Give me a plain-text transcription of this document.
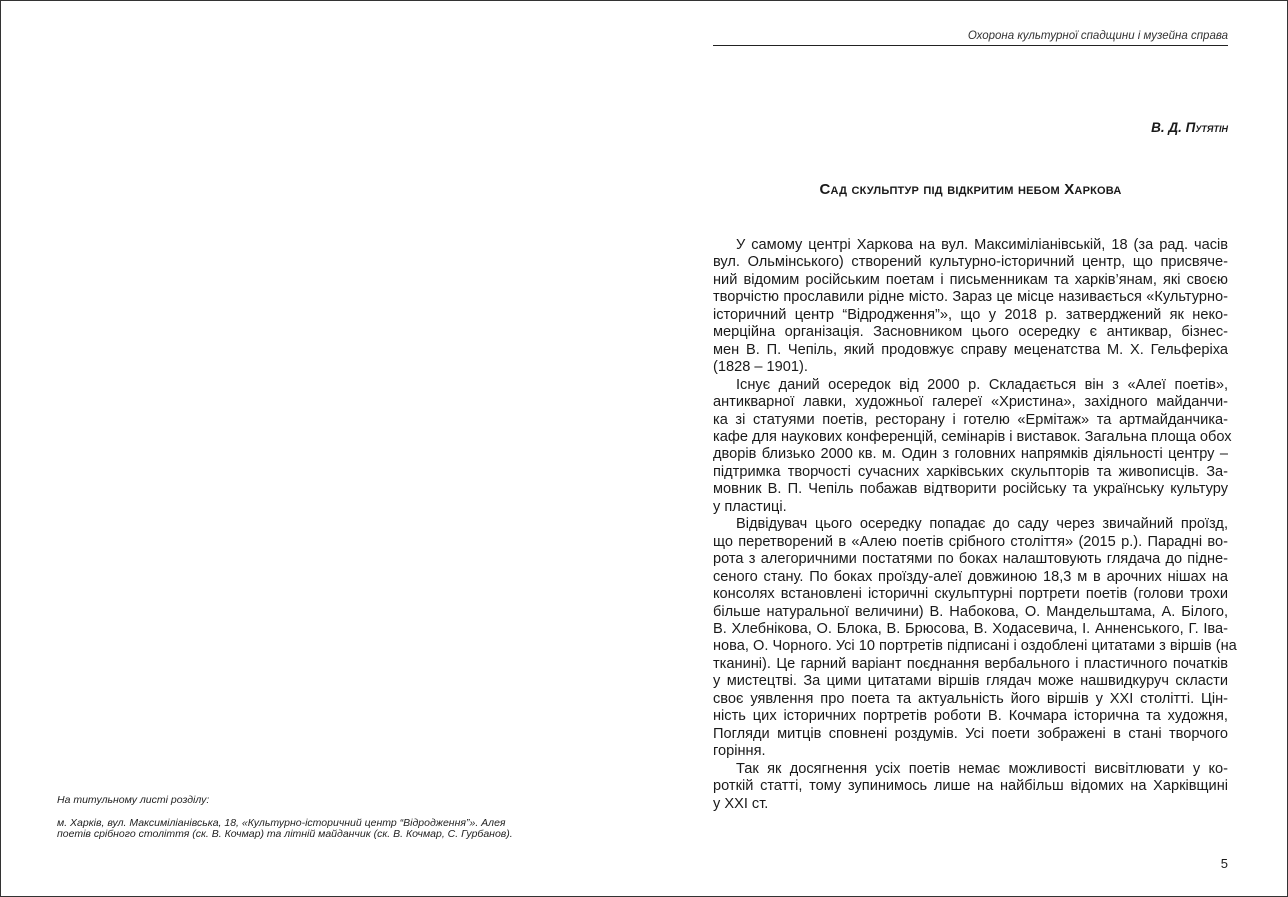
На титульному листі розділу:
м. Харків, вул. Максиміліанівська, 18, «Культурно-історичний центр “Відродження”». Алея
поетів срібного століття (ск. В. Кочмар) та літній майданчик (ск. В. Кочмар, С. Гурбанов).
Охорона культурної спадщини і музейна справа
В. Д. Путятін
Сад скульптур під відкритим небом Харкова
У самому центрі Харкова на вул. Максиміліанівській, 18 (за рад. часів
вул. Ольмінського) створений культурно-історичний центр, що присвяче-
ний відомим російським поетам і письменникам та харків’янам, які своєю
творчістю прославили рідне місто. Зараз це місце називається «Культурно-
історичний центр “Відродження”», що у 2018 р. затверджений як неко-
мерційна організація. Засновником цього осередку є антиквар, бізнес-
мен В. П. Чепіль, який продовжує справу меценатства М. Х. Гельферіха
(1828 – 1901).
Існує даний осередок від 2000 р. Складається він з «Алеї поетів»,
антикварної лавки, художньої галереї «Христина», західного майданчи-
ка зі статуями поетів, ресторану і готелю «Ермітаж» та артмайданчика-
кафе для наукових конференцій, семінарів і виставок. Загальна площа обох
дворів близько 2000 кв. м. Один з головних напрямків діяльності центру –
підтримка творчості сучасних харківських скульпторів та живописців. За-
мовник В. П. Чепіль побажав відтворити російську та українську культуру
у пластиці.
Відвідувач цього осередку попадає до саду через звичайний проїзд,
що перетворений в «Алею поетів срібного століття» (2015 р.). Парадні во-
рота з алегоричними постатями по боках налаштовують глядача до підне-
сеного стану. По боках проїзду-алеї довжиною 18,3 м в арочних нішах на
консолях встановлені історичні скульптурні портрети поетів (голови трохи
більше натуральної величини) В. Набокова, О. Мандельштама, А. Білого,
В. Хлебнікова, О. Блока, В. Брюсова, В. Ходасевича, І. Анненського, Г. Іва-
нова, О. Чорного. Усі 10 портретів підписані і оздоблені цитатами з віршів (на
тканині). Це гарний варіант поєднання вербального і пластичного початків
у мистецтві. За цими цитатами віршів глядач може нашвидкуруч скласти
своє уявлення про поета та актуальність його віршів у XXI столітті. Цін-
ність цих історичних портретів роботи В. Кочмара історична та художня,
Погляди митців сповнені роздумів. Усі поети зображені в стані творчого
горіння.
Так як досягнення усіх поетів немає можливості висвітлювати у ко-
роткій статті, тому зупинимось лише на найбільш відомих на Харківщині
у XXI ст.
5
